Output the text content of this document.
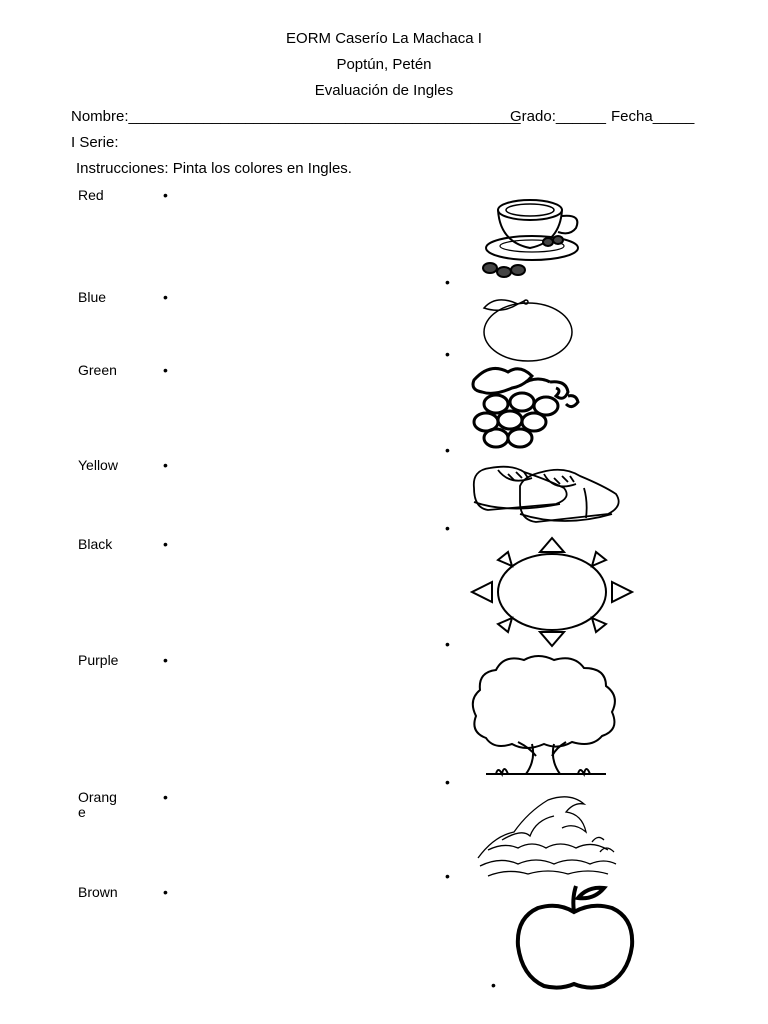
EORM Caserío La Machaca I
Poptún, Petén
Evaluación de Ingles
Nombre:_______________________________________________
Grado:______ Fecha_____
I Serie:
Instrucciones: Pinta los colores en Ingles.
Red
Blue
Green
Yellow
Black
Purple
Orange
Brown
•
•
•
•
•
•
•
•
•
•
•
•
•
•
•
•
